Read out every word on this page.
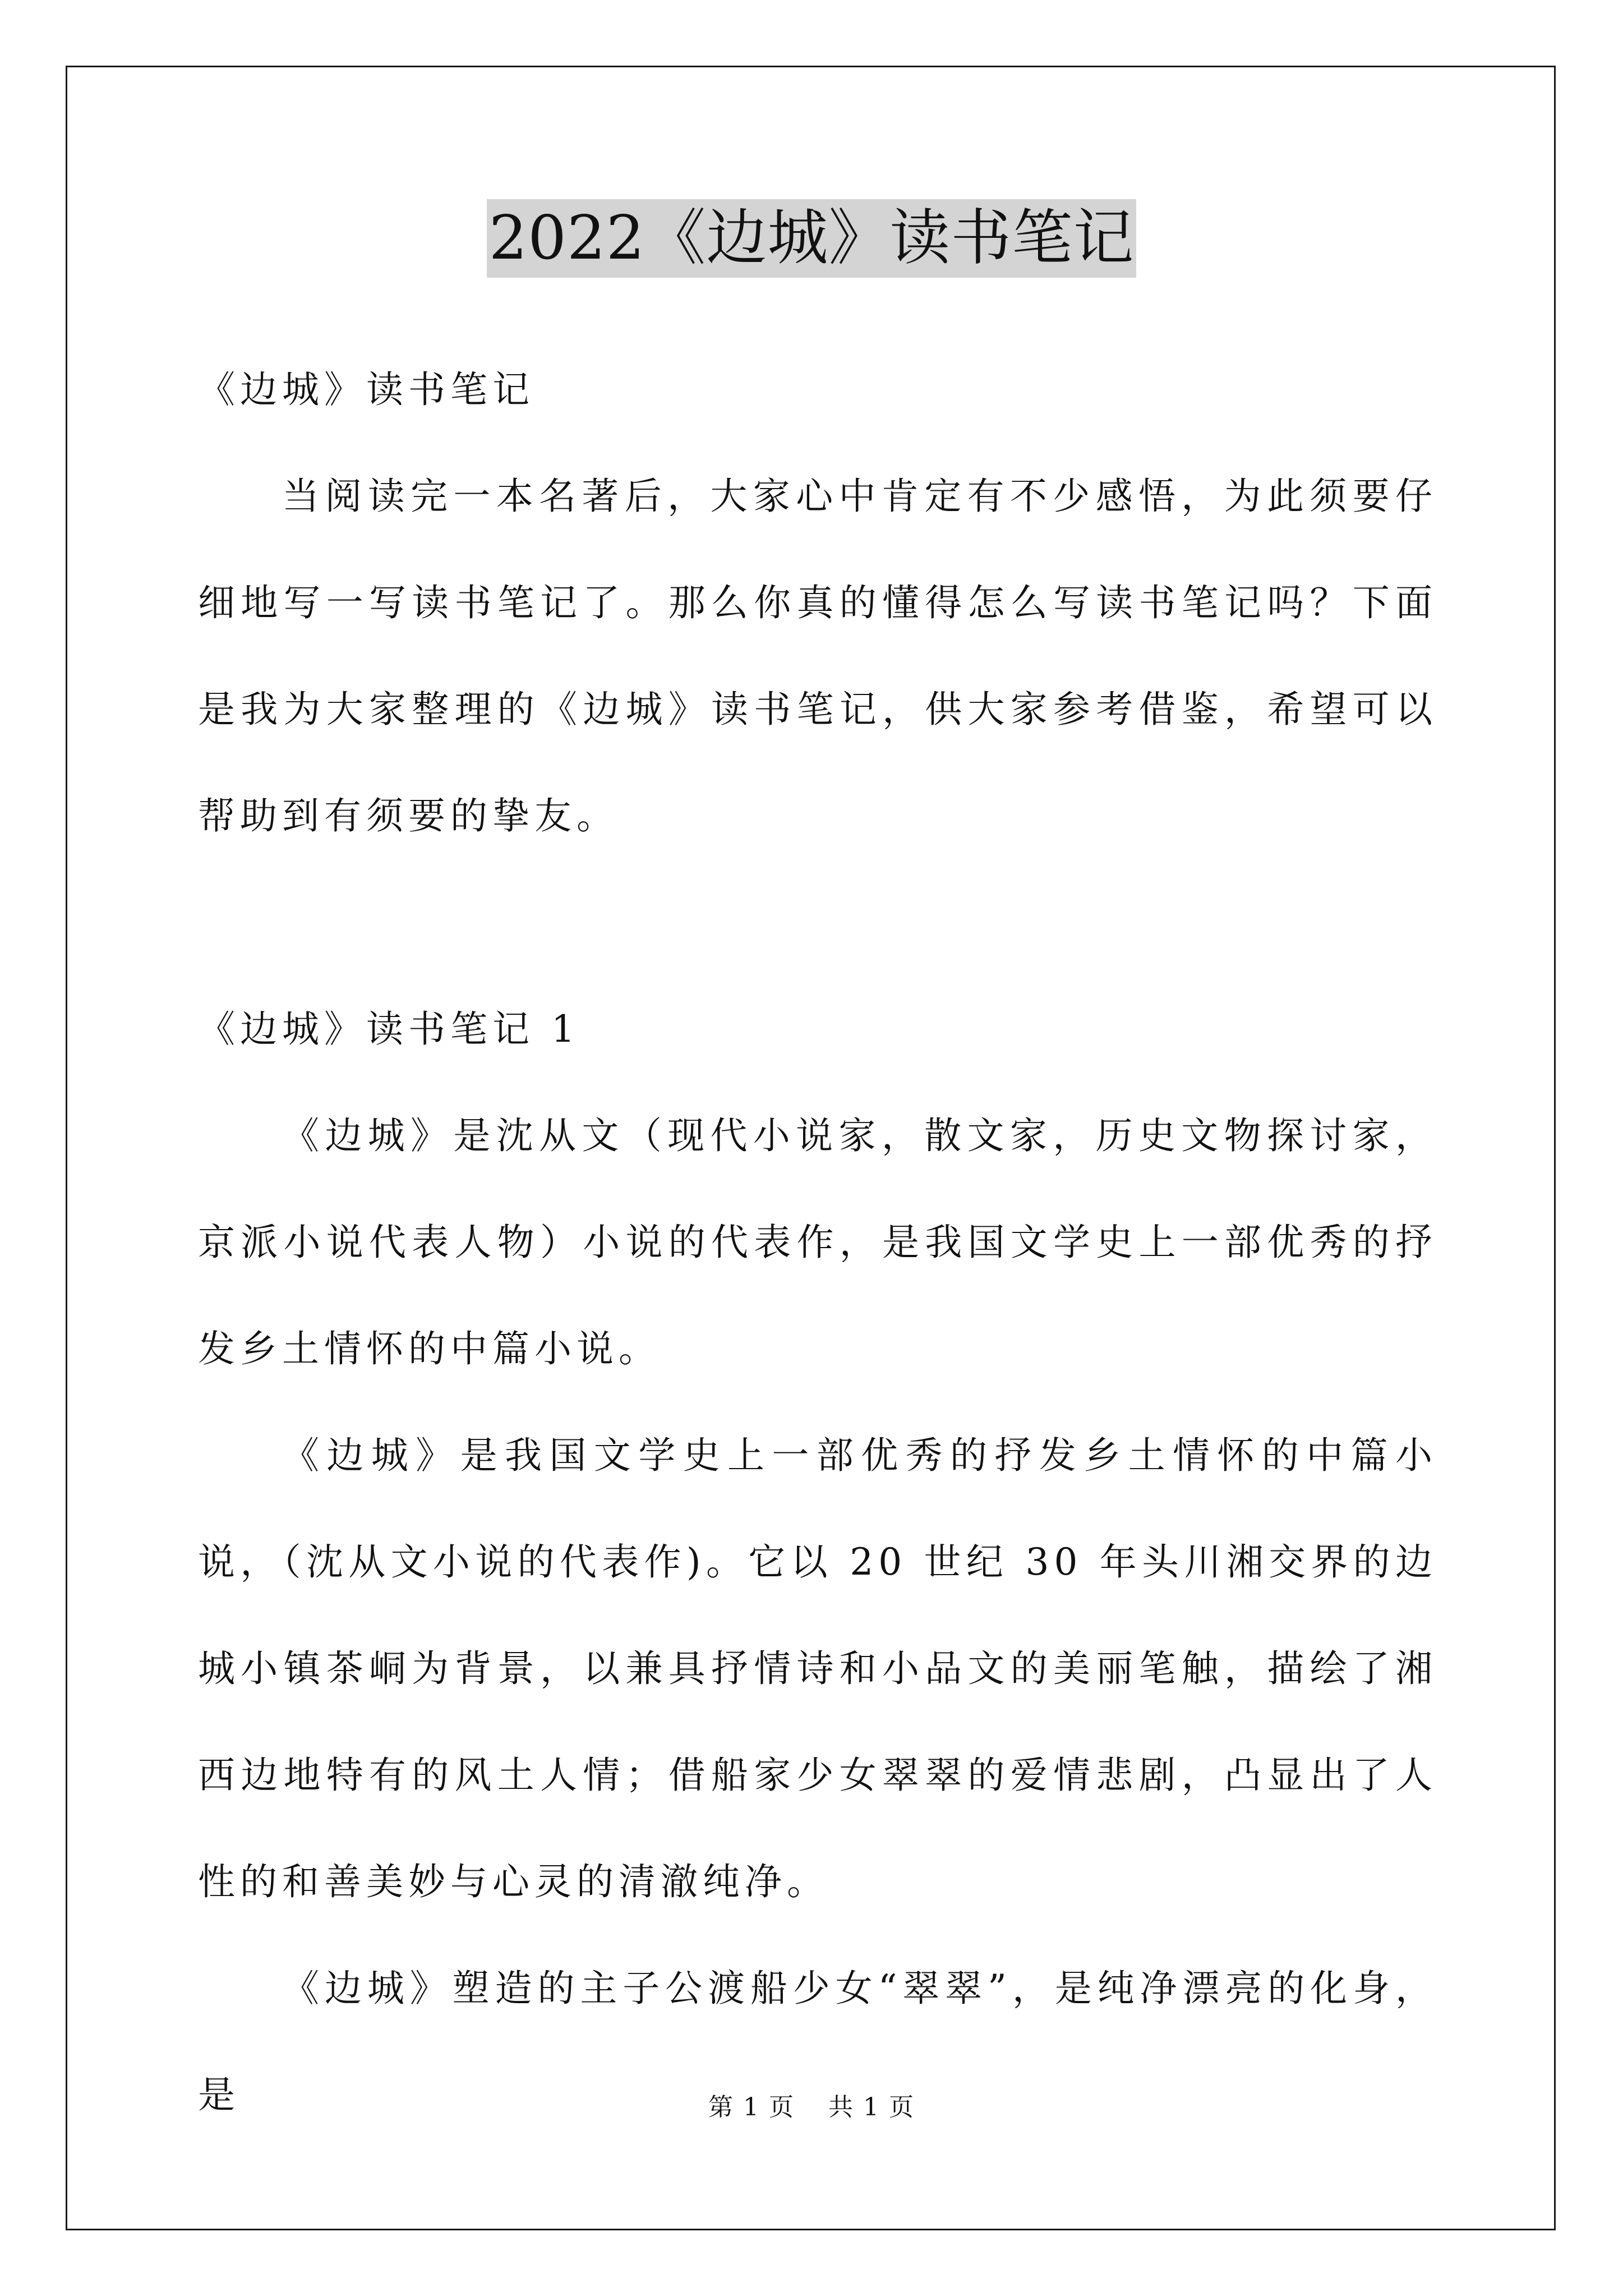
2022《边城》读书笔记

《边城》读书笔记

当阅读完一本名著后，大家心中肯定有不少感悟，为此须要仔细地写一写读书笔记了。那么你真的懂得怎么写读书笔记吗？下面是我为大家整理的《边城》读书笔记，供大家参考借鉴，希望可以帮助到有须要的挚友。

《边城》读书笔记 1

《边城》是沈从文（现代小说家，散文家，历史文物探讨家，京派小说代表人物）小说的代表作，是我国文学史上一部优秀的抒发乡土情怀的中篇小说。

《边城》是我国文学史上一部优秀的抒发乡土情怀的中篇小说，（沈从文小说的代表作)。它以 20 世纪 30 年头川湘交界的边城小镇茶峒为背景，以兼具抒情诗和小品文的美丽笔触，描绘了湘西边地特有的风土人情；借船家少女翠翠的爱情悲剧，凸显出了人性的和善美妙与心灵的清澈纯净。

《边城》塑造的主子公渡船少女“翠翠”，是纯净漂亮的化身，是	第 1 页 共 1 页
